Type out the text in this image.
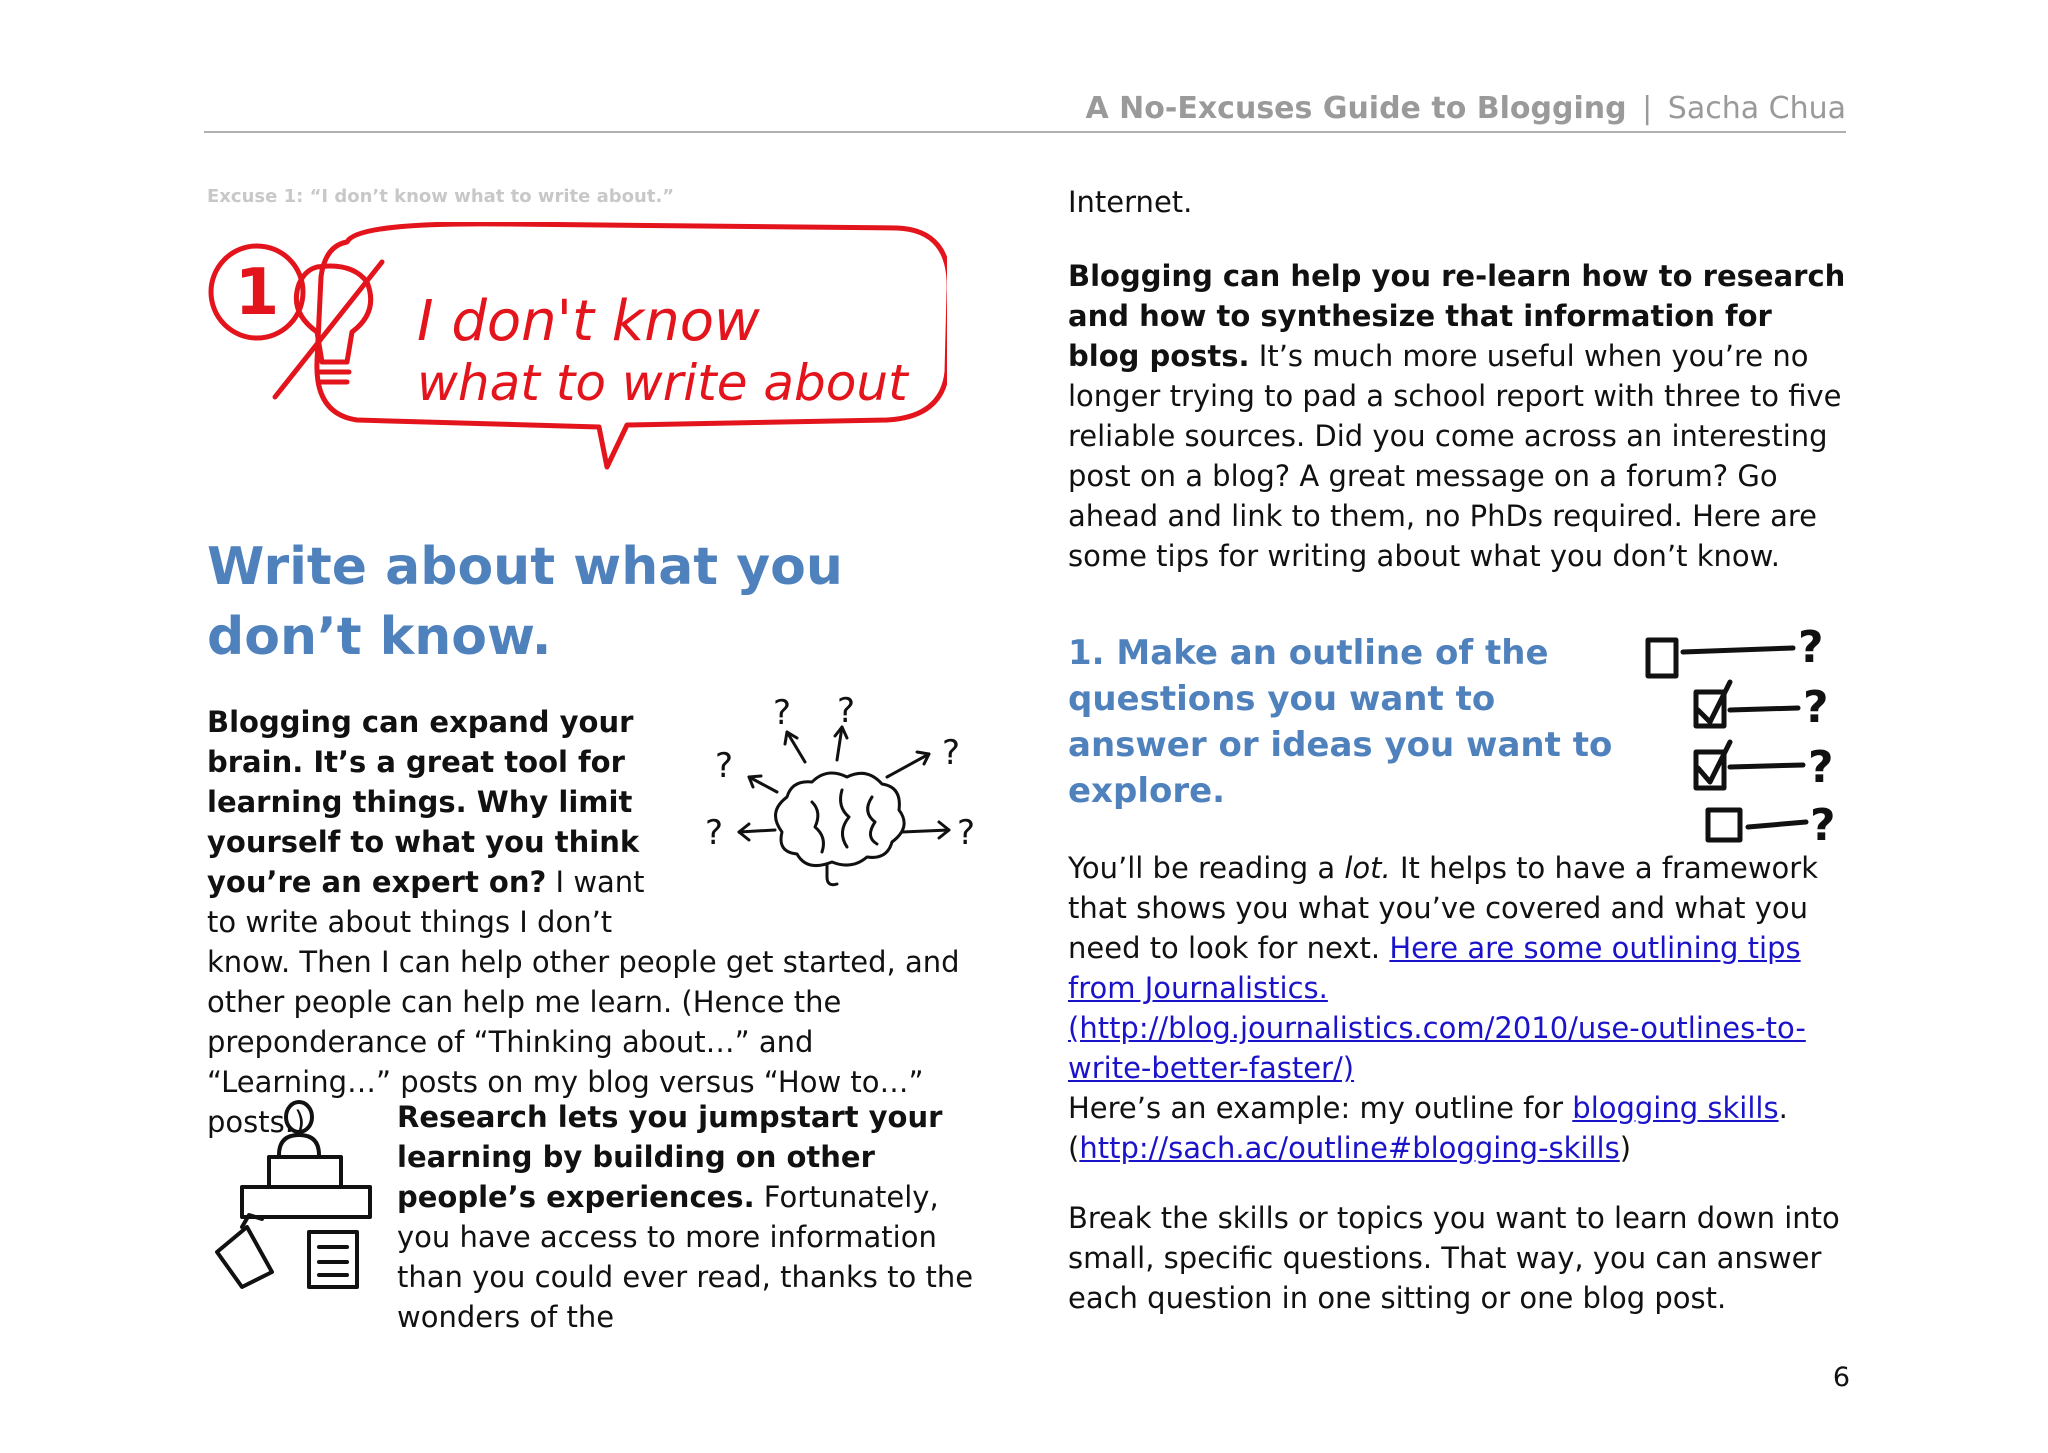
A No-Excuses Guide to Blogging | Sacha Chua
Excuse 1: “I don’t know what to write about.”
1 I don't know
what to write about
Write about what you don’t know.
? ?
?
?
?
?
Blogging can expand your brain. It’s a great tool for learning things. Why limit yourself to what you think you’re an expert on? I want to write about things I don’t know. Then I can help other people get started, and other people can help me learn. (Hence the preponderance of “Thinking about…” and “Learning…” posts on my blog versus “How to…” posts.)	Research lets you jumpstart your learning by building on other people’s experiences. Fortunately, you have access to more information than you could ever read, thanks to the wonders of the

Internet.

Blogging can help you re-learn how to research and how to synthesize that information for blog posts. It’s much more useful when you’re no longer trying to pad a school report with three to five reliable sources. Did you come across an interesting post on a blog? A great message on a forum? Go ahead and link to them, no PhDs required. Here are some tips for writing about what you don’t know.

?
?
?
?
1. Make an outline of the questions you want to answer or ideas you want to explore.

You’ll be reading a lot. It helps to have a framework that shows you what you’ve covered and what you need to look for next. Here are some outlining tips from Journalistics. (http://blog.journalistics.com/2010/use-outlines-to-write-better-faster/)

Here’s an example: my outline for blogging skills.
(http://sach.ac/outline#blogging-skills)

Break the skills or topics you want to learn down into small, specific questions. That way, you can answer each question in one sitting or one blog post.

6
